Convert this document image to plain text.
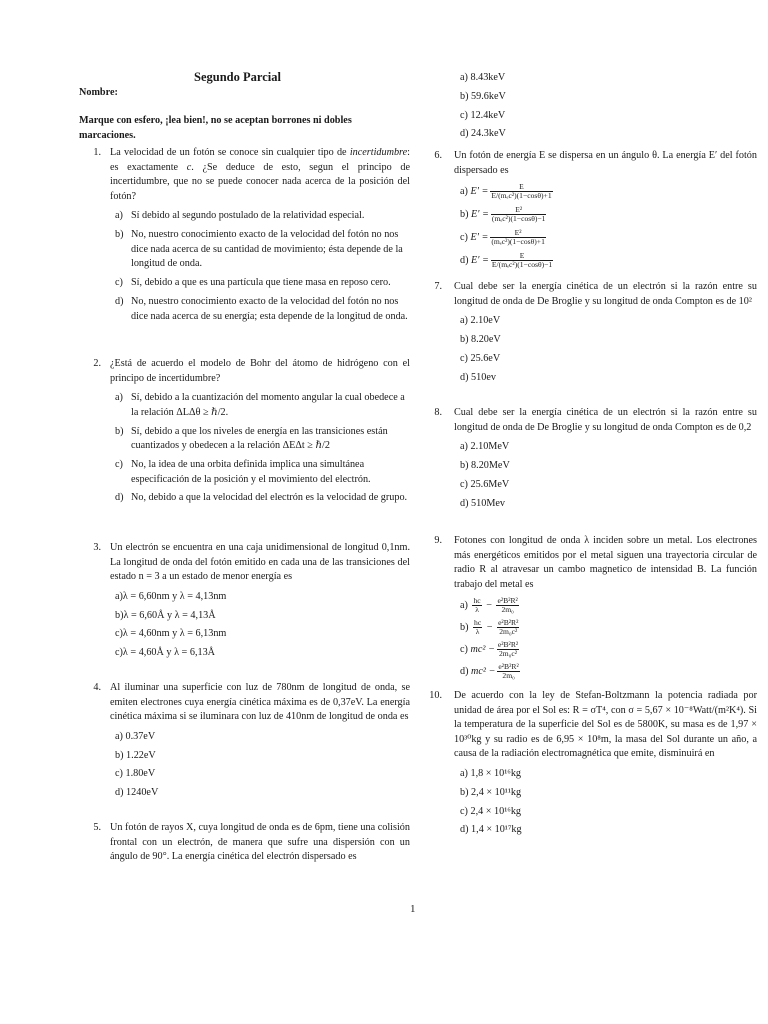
Segundo Parcial
Nombre:
Marque con esfero, ¡lea bien!, no se aceptan borrones ni dobles marcaciones.
1. La velocidad de un fotón se conoce sin cualquier tipo de incertidumbre: es exactamente c. ¿Se deduce de esto, segun el principo de incertidumbre, que no se puede conocer nada acerca de la posición del fotón?
a) Sí debido al segundo postulado de la relatividad especial.
b) No, nuestro conocimiento exacto de la velocidad del fotón no nos dice nada acerca de su cantidad de movimiento; ésta depende de la longitud de onda.
c) Sí, debido a que es una partícula que tiene masa en reposo cero.
d) No, nuestro conocimiento exacto de la velocidad del fotón no nos dice nada acerca de su energía; esta depende de la longitud de onda.
2. ¿Está de acuerdo el modelo de Bohr del átomo de hidrógeno con el principo de incertidumbre?
a) Sí, debido a la cuantización del momento angular la cual obedece a la relación ΔLΔθ ≥ ℏ/2.
b) Sí, debido a que los niveles de energía en las transiciones están cuantizados y obedecen a la relación ΔEΔt ≥ ℏ/2
c) No, la idea de una orbita definida implica una simultánea especificación de la posición y el movimiento del electrón.
d) No, debido a que la velocidad del electrón es la velocidad de grupo.
3. Un electrón se encuentra en una caja unidimensional de longitud 0,1nm. La longitud de onda del fotón emitido en cada una de las transiciones del estado n = 3 a un estado de menor energía es
a)λ = 6,60nm y λ = 4,13nm
b)λ = 6,60Å y λ = 4,13Å
c)λ = 4,60nm y λ = 6,13nm
c)λ = 4,60Å y λ = 6,13Å
4. Al iluminar una superficie con luz de 780nm de longitud de onda, se emiten electrones cuya energía cinética máxima es de 0,37eV. La energía cinética máxima si se iluminara con luz de 410nm de longitud de onda es
a) 0.37eV
b) 1.22eV
c) 1.80eV
d) 1240eV
5. Un fotón de rayos X, cuya longitud de onda es de 6pm, tiene una colisión frontal con un electrón, de manera que sufre una dispersión con un ángulo de 90°. La energía cinética del electrón dispersado es
a) 8.43keV
b) 59.6keV
c) 12.4keV
d) 24.3keV
6. Un fotón de energía E se dispersa en un ángulo θ. La energía E′ del fotón dispersado es
a) $E' = \frac{E}{\text{E/(mₑc²)(1−cosθ)+1}}$
b) $E' = \frac{\text{E²}}{\text{(mₑc²)(1−cosθ)−1}}$
c) $E' = \frac{\text{E²}}{\text{(mₑc²)(1−cosθ)+1}}$
d) $E' = \frac{E}{\text{E/(mₑc²)(1−cosθ)−1}}$
7. Cual debe ser la energía cinética de un electrón si la razón entre su longitud de onda de De Broglie y su longitud de onda Compton es de 10²
a) 2.10eV
b) 8.20eV
c) 25.6eV
d) 510ev
8. Cual debe ser la energía cinética de un electrón si la razón entre su longitud de onda de De Broglie y su longitud de onda Compton es de 0,2
a) 2.10MeV
b) 8.20MeV
c) 25.6MeV
d) 510Mev
9. Fotones con longitud de onda λ inciden sobre un metal. Los electrones más energéticos emitidos por el metal siguen una trayectoria circular de radio R al atravesar un cambo magnetico de intensidad B. La función trabajo del metal es
$a) \frac{hc}{\lambda} - \frac{\text{e²B²R²}}{\text{2m₀}}$
$b) \frac{hc}{\lambda} - \frac{\text{e²B²R²}}{\text{2m₀c²}}$
c) $mc^2 - \frac{\text{e²B²R²}}{\text{2m₀c²}}$
d) $mc^2 - \frac{\text{e²B²R²}}{\text{2m₀}}$
10. De acuerdo con la ley de Stefan-Boltzmann la potencia radiada por unidad de área por el Sol es: R = σT⁴, con σ = 5,67 × 10⁻⁸Watt/(m²K⁴). Si la temperatura de la superficie del Sol es de 5800K, su masa es de 1,97 × 10³⁰kg y su radio es de 6,95 × 10⁸m, la masa del Sol durante un año, a causa de la radiación electromagnética que emite, disminuirá en
a) 1,8 × 10¹⁶kg
b) 2,4 × 10¹¹kg
c) 2,4 × 10¹⁶kg
d) 1,4 × 10¹⁷kg
1
